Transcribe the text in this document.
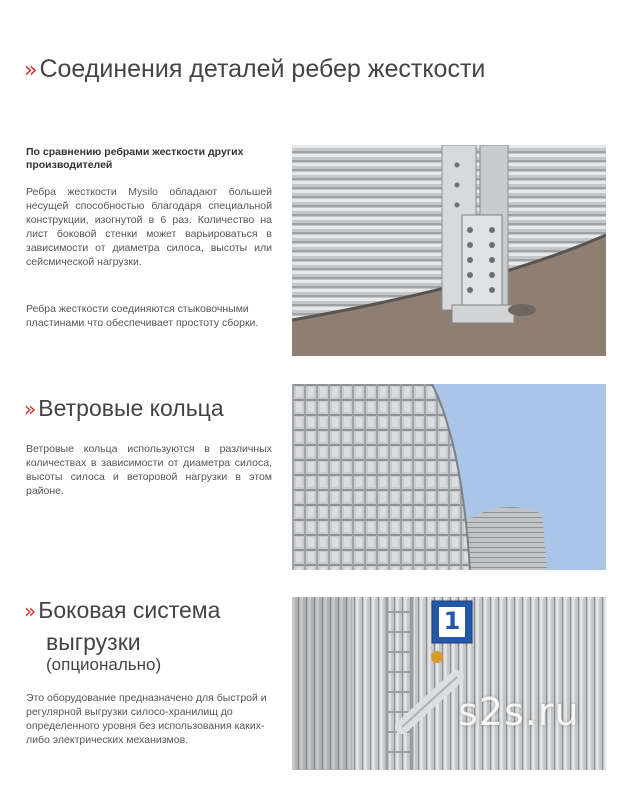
» Соединения деталей ребер жесткости
По сравнению ребрами жесткости других производителей
Ребра жесткости Mysilo обладают большей несущей способностью благодаря специальной конструкции, изогнутой в 6 раз. Количество на лист боковой стенки может варьироваться в зависимости от диаметра силоса, высоты или сейсмической нагрузки.
Ребра жесткости соединяются стыковочными пластинами что обеспечивает простоту сборки.
» Ветровые кольца
Ветровые кольца используются в различных количествах в зависимости от диаметра силоса, высоты силоса и веторовой нагрузки в этом районе.
» Боковая система
выгрузки
(опционально)
Это оборудование предназначено для быстрой и регулярной выгрузки силосо-хранилищ до определенного уровня без использования каких-либо электрических механизмов.
1
s2s.ru
